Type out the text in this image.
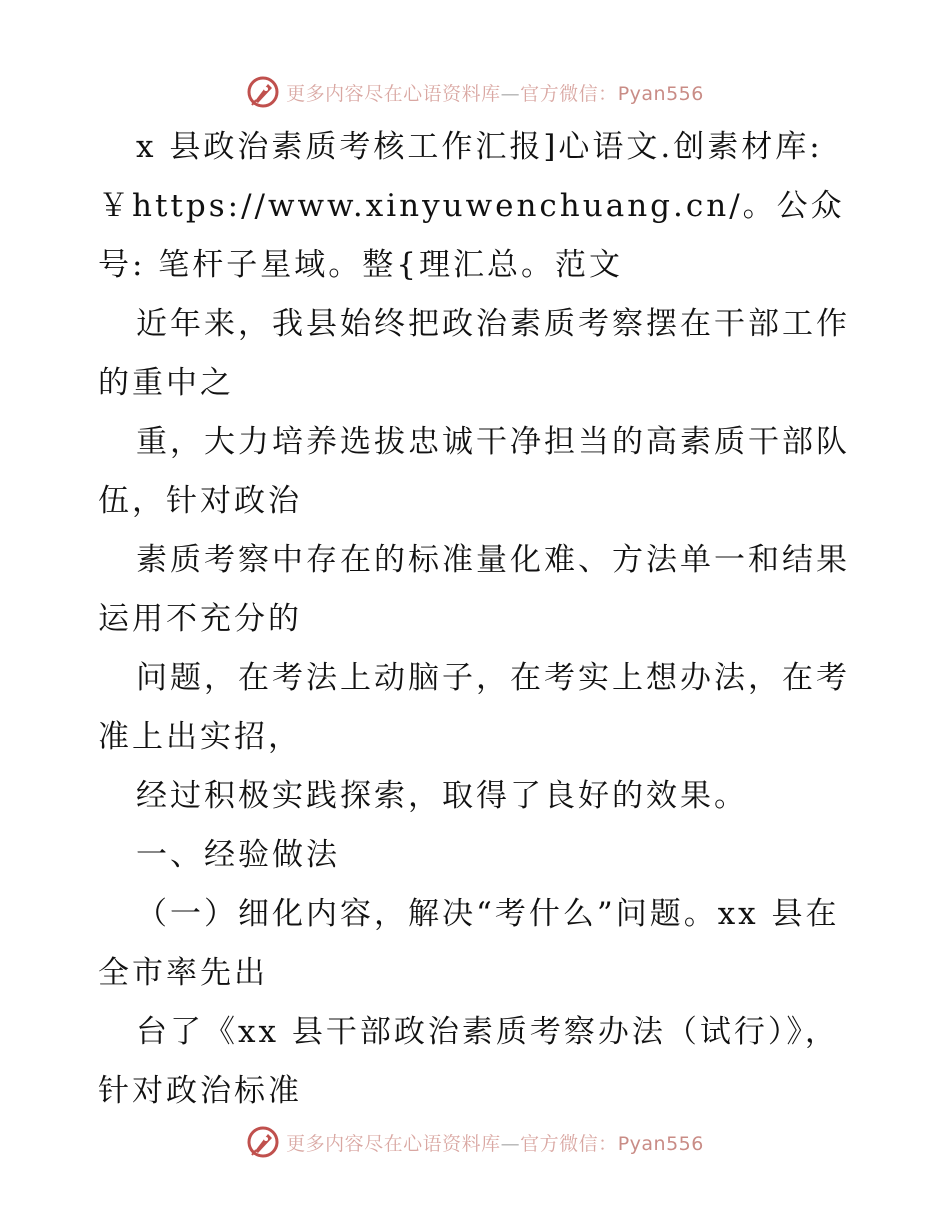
更多内容尽在心语资料库—官方微信：Pyan556

x 县政治素质考核工作汇报]心语文.创素材库:￥https://www.xinyuwenchuang.cn/。公众号: 笔杆子星域。整{理汇总。范文

近年来，我县始终把政治素质考察摆在干部工作的重中之

重，大力培养选拔忠诚干净担当的高素质干部队伍，针对政治

素质考察中存在的标准量化难、方法单一和结果运用不充分的

问题，在考法上动脑子，在考实上想办法，在考准上出实招，

经过积极实践探索，取得了良好的效果。

一、经验做法

（一）细化内容，解决“考什么”问题。xx 县在全市率先出

台了《xx 县干部政治素质考察办法（试行）》，针对政治标准

更多内容尽在心语资料库—官方微信：Pyan556
